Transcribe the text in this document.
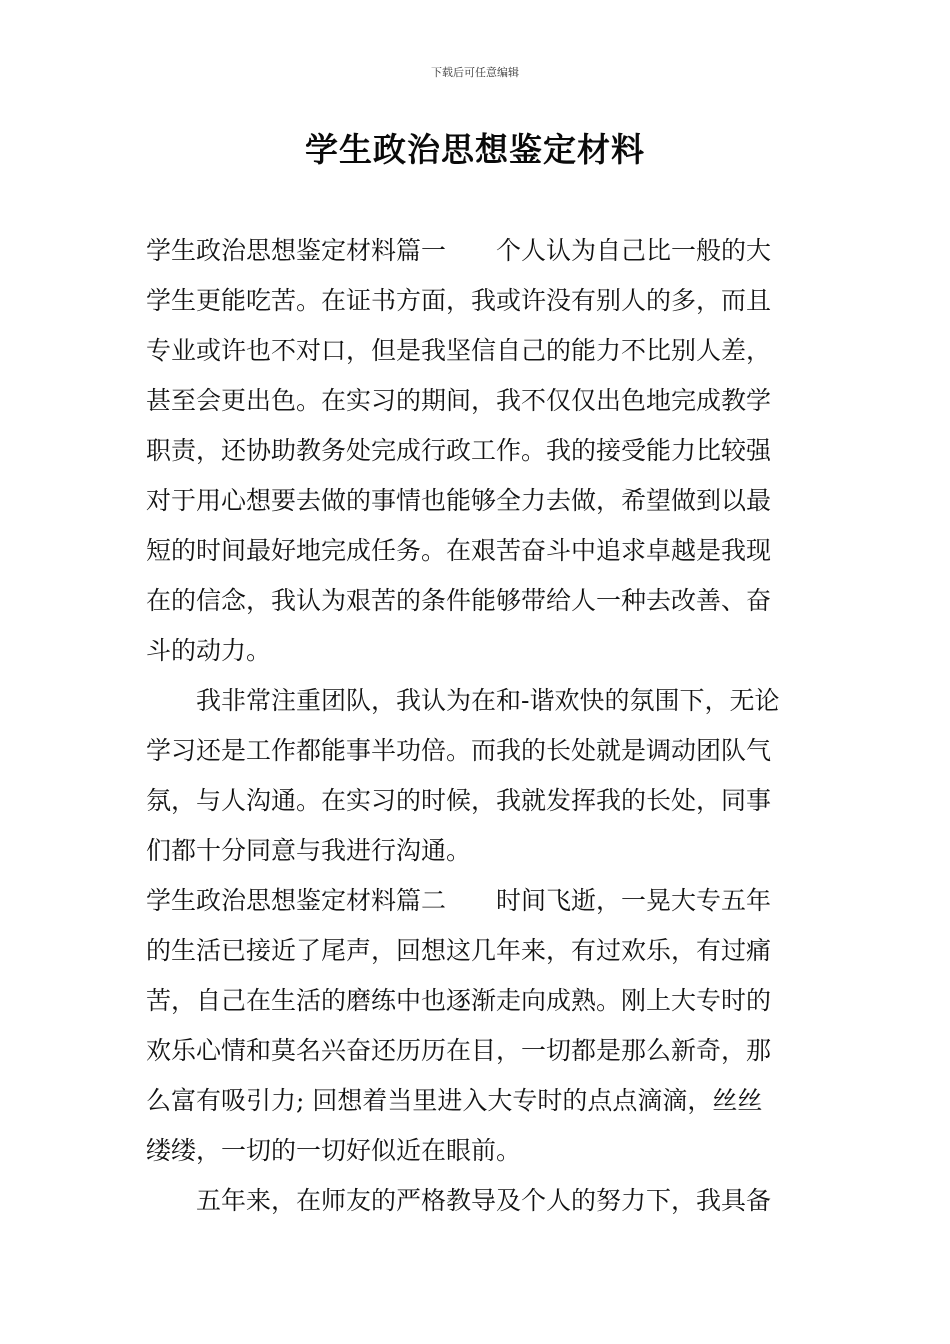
下载后可任意编辑
学生政治思想鉴定材料
学生政治思想鉴定材料篇一 个人认为自己比一般的大
学生更能吃苦。在证书方面，我或许没有别人的多，而且
专业或许也不对口，但是我坚信自己的能力不比别人差，
甚至会更出色。在实习的期间，我不仅仅出色地完成教学
职责，还协助教务处完成行政工作。我的接受能力比较强
对于用心想要去做的事情也能够全力去做，希望做到以最
短的时间最好地完成任务。在艰苦奋斗中追求卓越是我现
在的信念，我认为艰苦的条件能够带给人一种去改善、奋
斗的动力。
我非常注重团队，我认为在和-谐欢快的氛围下，无论
学习还是工作都能事半功倍。而我的长处就是调动团队气
氛，与人沟通。在实习的时候，我就发挥我的长处，同事
们都十分同意与我进行沟通。
学生政治思想鉴定材料篇二 时间飞逝，一晃大专五年
的生活已接近了尾声，回想这几年来，有过欢乐，有过痛
苦，自己在生活的磨练中也逐渐走向成熟。刚上大专时的
欢乐心情和莫名兴奋还历历在目，一切都是那么新奇，那
么富有吸引力; 回想着当里进入大专时的点点滴滴，丝丝
缕缕，一切的一切好似近在眼前。
五年来，在师友的严格教导及个人的努力下，我具备
